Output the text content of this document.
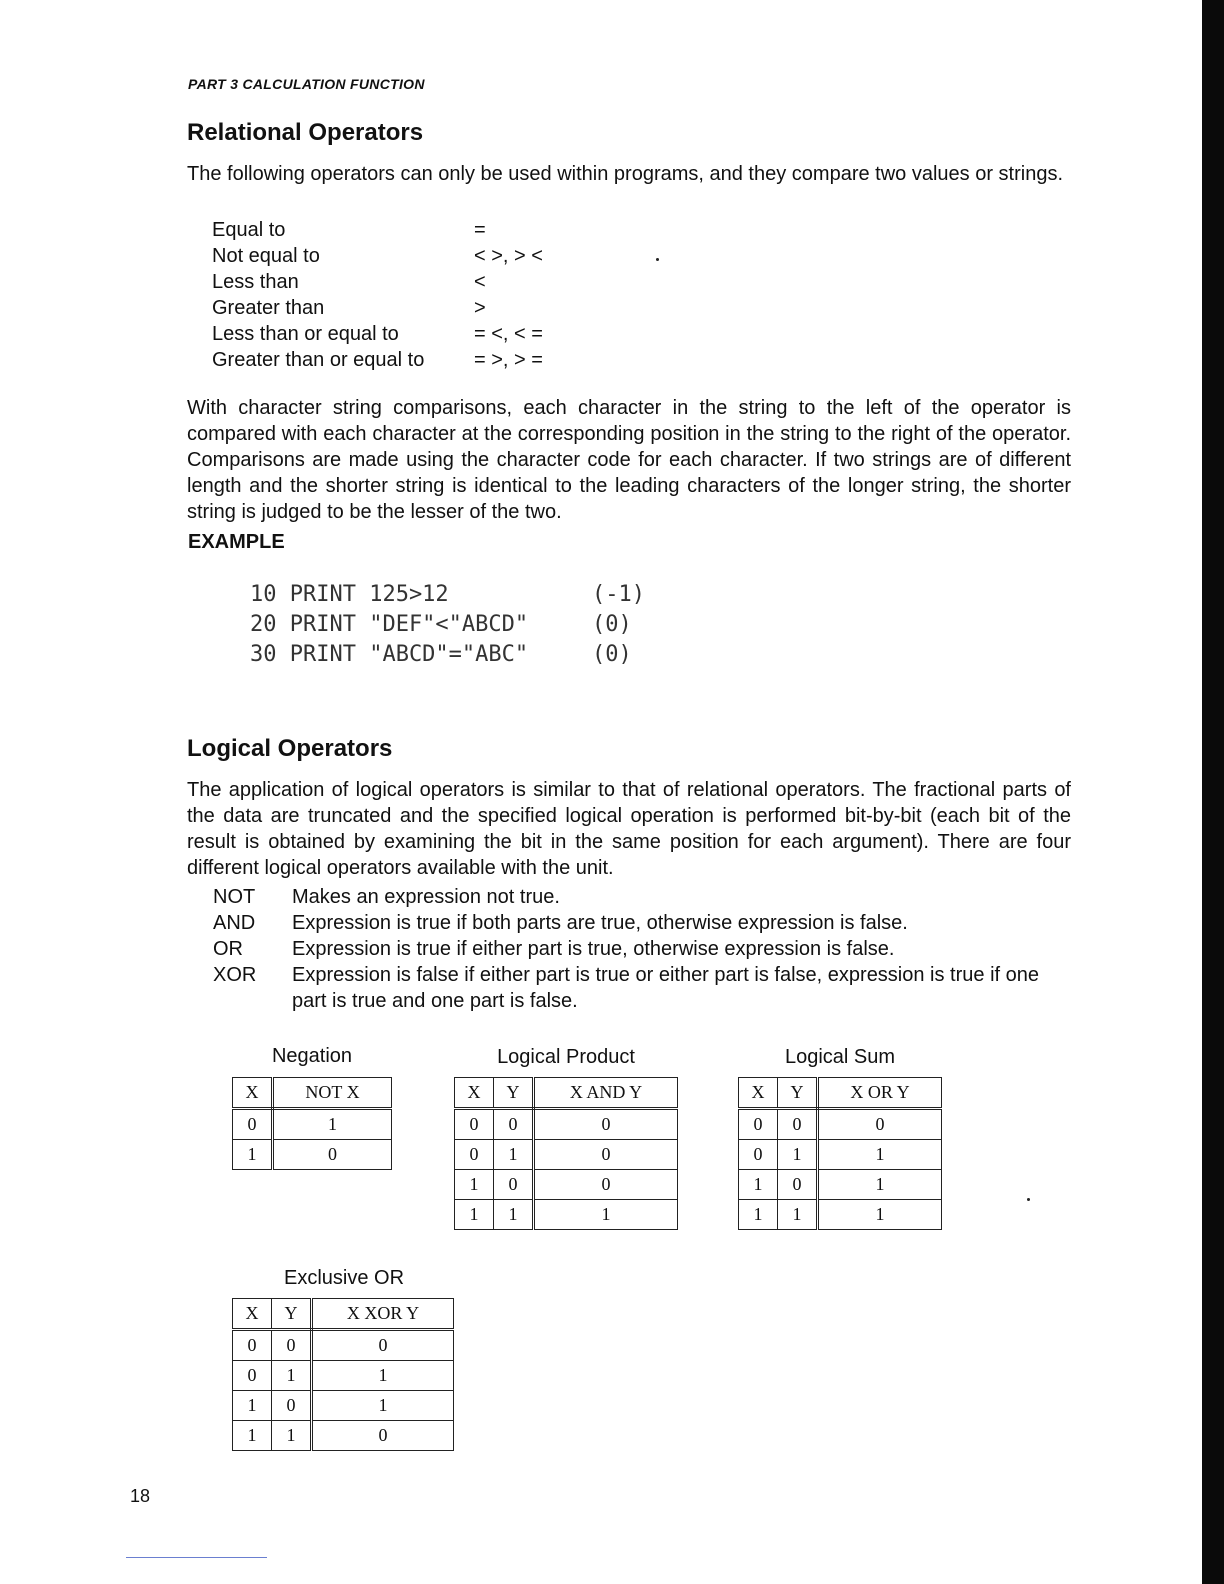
PART 3 CALCULATION FUNCTION
Relational Operators
The following operators can only be used within programs, and they compare two values or strings.
Equal to	=
Not equal to	< >, > <
Less than	<
Greater than	>
Less than or equal to	= <, < =
Greater than or equal to = >, > =
With character string comparisons, each character in the string to the left of the operator is compared with each character at the corresponding position in the string to the right of the operator. Comparisons are made using the character code for each character. If two strings are of different length and the shorter string is identical to the leading characters of the longer string, the shorter string is judged to be the lesser of the two.
EXAMPLE
10 PRINT 125>12	(-1)
20 PRINT "DEF"<"ABCD"	(0)
30 PRINT "ABCD"="ABC"	(0)
Logical Operators
The application of logical operators is similar to that of relational operators. The fractional parts of the data are truncated and the specified logical operation is performed bit-by-bit (each bit of the result is obtained by examining the bit in the same position for each argument). There are four different logical operators available with the unit.
NOT	Makes an expression not true.
AND	Expression is true if both parts are true, otherwise expression is false.
OR	Expression is true if either part is true, otherwise expression is false.
XOR	Expression is false if either part is true or either part is false, expression is true if one part is true and one part is false.
Negation
X	NOT X
0	1
1	0
Logical Product
X	Y	X AND Y
0	0	0
0	1	0
1	0	0
1	1	1
Logical Sum
X	Y	X OR Y
0	0	0
0	1	1
1	0	1
1	1	1
Exclusive OR
X	Y	X XOR Y
0	0	0
0	1	1
1	0	1
1	1	0
18
